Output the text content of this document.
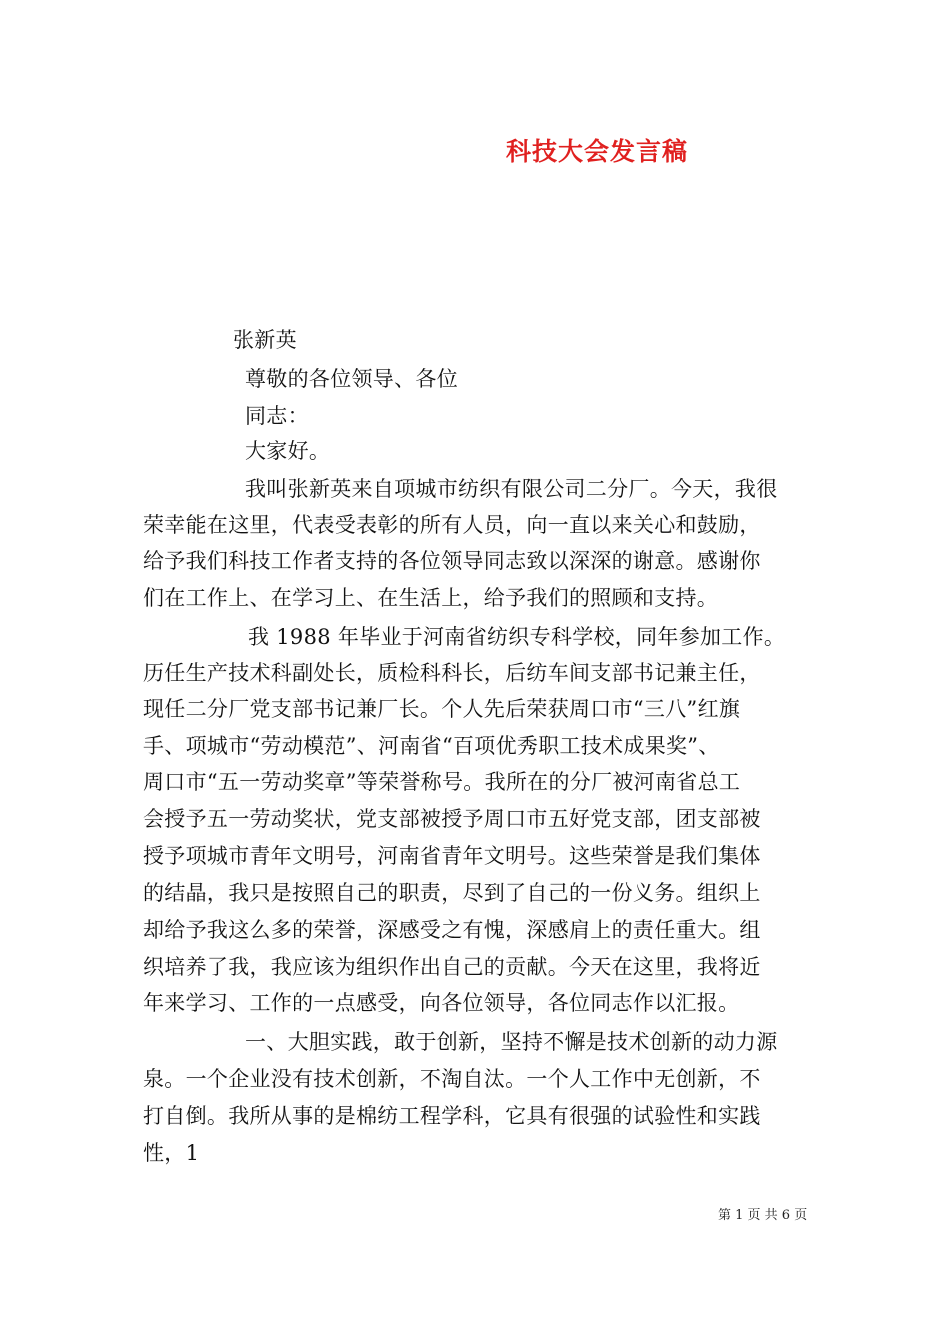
科技大会发言稿
张新英
尊敬的各位领导、各位
同志：
大家好。
我叫张新英来自项城市纺织有限公司二分厂。今天，我很
荣幸能在这里，代表受表彰的所有人员，向一直以来关心和鼓励，
给予我们科技工作者支持的各位领导同志致以深深的谢意。感谢你
们在工作上、在学习上、在生活上，给予我们的照顾和支持。
我 1988 年毕业于河南省纺织专科学校，同年参加工作。
历任生产技术科副处长，质检科科长，后纺车间支部书记兼主任，
现任二分厂党支部书记兼厂长。个人先后荣获周口市“三八”红旗
手、项城市“劳动模范”、河南省“百项优秀职工技术成果奖”、
周口市“五一劳动奖章”等荣誉称号。我所在的分厂被河南省总工
会授予五一劳动奖状，党支部被授予周口市五好党支部，团支部被
授予项城市青年文明号，河南省青年文明号。这些荣誉是我们集体
的结晶，我只是按照自己的职责，尽到了自己的一份义务。组织上
却给予我这么多的荣誉，深感受之有愧，深感肩上的责任重大。组
织培养了我，我应该为组织作出自己的贡献。今天在这里，我将近
年来学习、工作的一点感受，向各位领导，各位同志作以汇报。
一、大胆实践，敢于创新，坚持不懈是技术创新的动力源
泉。一个企业没有技术创新，不淘自汰。一个人工作中无创新，不
打自倒。我所从事的是棉纺工程学科，它具有很强的试验性和实践
性，1
第 1 页 共 6 页
